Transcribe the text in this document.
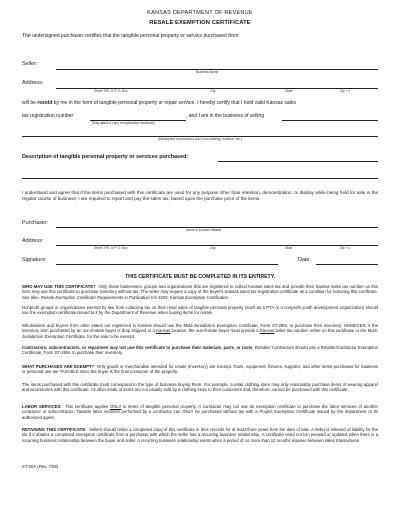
KANSAS DEPARTMENT OF REVENUE
RESALE EXEMPTION CERTIFICATE
The undersigned purchaser certifies that the tangible personal property or service purchased from:
Seller:
Business Name
Address:
Street, RR, or P. O. Box	City	State	Zip + 4
will be resold by me in the form of tangible personal property or repair service. I hereby certify that I hold valid Kansas sales
tax registration number
(May attach a copy of registration certificate)
, and I am in the business of selling
(Description of product(s) sold, food clothing, furniture, etc.)
Description of tangible personal property or services purchased:
I understand and agree that if the items purchased with this certificate are used for any purpose other than retention, demonstration, or display while being held for sale in the regular course of business, I am required to report and pay the sales tax, based upon the purchase price of the items.
Purchaser:
Name of Kansas Retailer
Address:
Street, RR, or P. O. Box	City	State	Zip + 4
Signature:	Date:
THIS CERTIFICATE MUST BE COMPLETED IN ITS ENTIRETY.
WHO MAY USE THIS CERTIFICATE? Only those businesses, groups and organizations that are registered to collect Kansas sales tax and provide their Kansas sales tax number on this form may use this certificate to purchase inventory without tax. The seller may require a copy of the buyer's Kansas sales tax registration certificate as a condition for honoring this certificate. See also, Resale Exemption Certificate Requirements in Publication KS-1520, Kansas Exemption Certificates.
Nonprofit groups or organizations exempt by law from collecting tax on their retail sales of tangible personal property (such as a PTA or a nonprofit youth development organization) should use the exemption certificate issued to it by the Department of Revenue when buying items for resale.
Wholesalers and buyers from other states not registered in Kansas should use the Multi-Jurisdiction Exemption Certificate, Form ST-28M, to purchase their inventory. HOWEVER, if the inventory item purchased by an out-of-state buyer is drop shipped to a Kansas location, the out-of-state buyer must provide a Kansas sales tax number, either on this certificate or the Multi-Jurisdiction Exemption Certificate, for the sale to be exempt.
Contractors, subcontractors, or repairmen may not use this certificate to purchase their materials, parts, or tools. Retailer/ Contractors should use a Retailer/Contractor Exemption Certificate, Form ST-28W, to purchase their inventory.
WHAT PURCHASES ARE EXEMPT? Only goods or merchandise intended for resale (inventory) are exempt. Tools, equipment, fixtures, supplies, and other items purchased for business or personal use are TAXABLE since the buyer is the final consumer of the property.
The items purchased with this certificate must correspond to the type of business buying them. For example, a retail clothing store may only reasonably purchase items of wearing apparel and accessories with this certificate. All other kinds of items are not usually sold by a clothing store to their customers and, therefore, cannot be purchased with this certificate.
LABOR SERVICES. This certificate applies ONLY to items of tangible personal property. A contractor may not use an exemption certificate to purchase the labor services of another contractor or subcontractor. Taxable labor services performed by a contractor can ONLY be purchased without tax with a Project Exemption Certificate issued by the department or its authorized agent.
RETAINING THIS CERTIFICATE: Sellers should retain a completed copy of this certificate in their records for at least three years from the date of sale. A seller is relieved of liability for the tax if it obtains a completed exemption certificate from a purchaser with which the seller has a recurring business relationship. A certificate need not be renewed or updated when there is a recurring business relationship between the buyer and seller. A recurring business relationship exists when a period of no more than 12 months elapses between sales transactions.
ST-28A (Rev. 7/08)
